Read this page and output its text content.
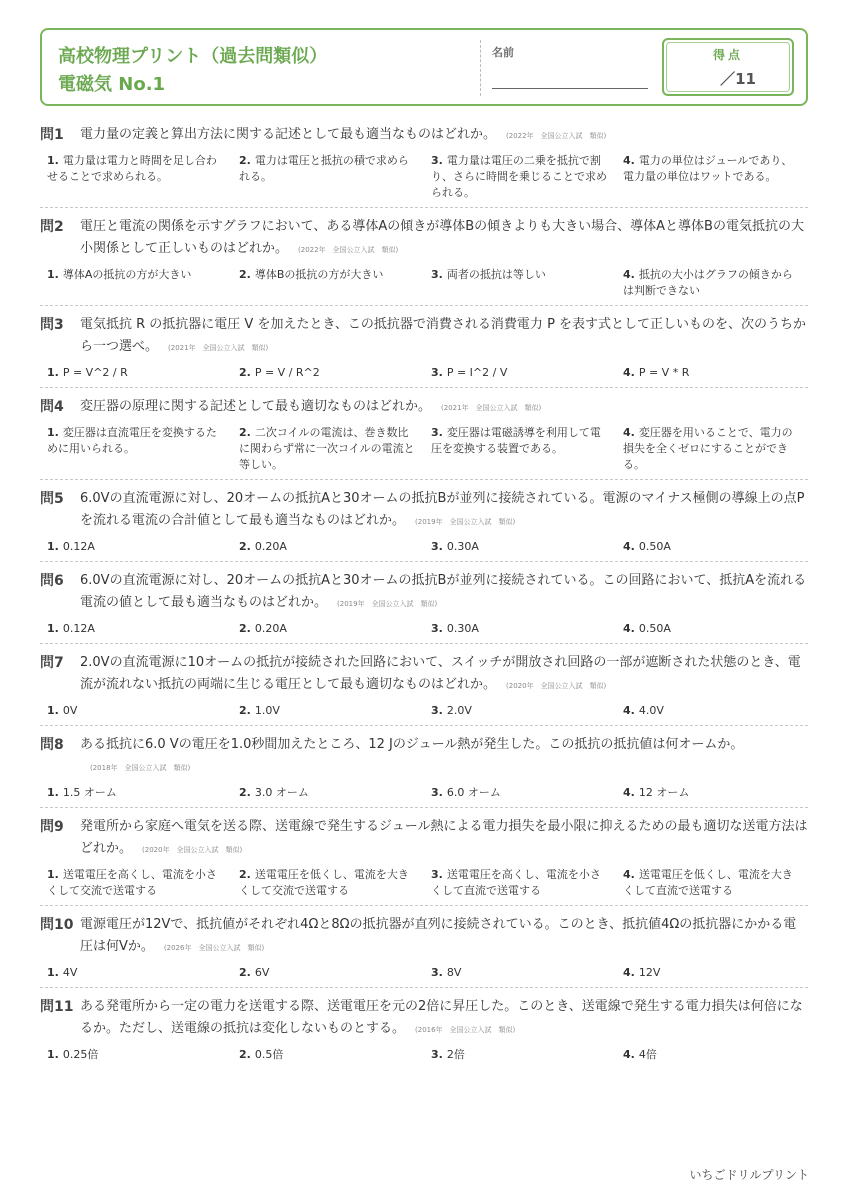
高校物理プリント（過去問類似）
電磁気 No.1
名前	得点
／11
問1	電力量の定義と算出方法に関する記述として最も適当なものはどれか。 (2022年　全国公立入試　類似)
1. 電力量は電力と時間を足し合わせることで求められる。
2. 電力は電圧と抵抗の積で求められる。
3. 電力量は電圧の二乗を抵抗で割り、さらに時間を乗じることで求められる。
4. 電力の単位はジュールであり、電力量の単位はワットである。
問2	電圧と電流の関係を示すグラフにおいて、ある導体Aの傾きが導体Bの傾きよりも大きい場合、導体Aと導体Bの電気抵抗の大小関係として正しいものはどれか。 (2022年　全国公立入試　類似)
1. 導体Aの抵抗の方が大きい	2. 導体Bの抵抗の方が大きい	3. 両者の抵抗は等しい	4. 抵抗の大小はグラフの傾きからは判断できない
問3	電気抵抗 R の抵抗器に電圧 V を加えたとき、この抵抗器で消費される消費電力 P を表す式として正しいものを、次のうちから一つ選べ。 (2021年　全国公立入試　類似)
1. P = V^2 / R	2. P = V / R^2	3. P = I^2 / V	4. P = V * R
問4	変圧器の原理に関する記述として最も適切なものはどれか。 (2021年　全国公立入試　類似)
1. 変圧器は直流電圧を変換するために用いられる。
2. 二次コイルの電流は、巻き数比に関わらず常に一次コイルの電流と等しい。
3. 変圧器は電磁誘導を利用して電圧を変換する装置である。
4. 変圧器を用いることで、電力の損失を全くゼロにすることができる。
問5	6.0Vの直流電源に対し、20オームの抵抗Aと30オームの抵抗Bが並列に接続されている。電源のマイナス極側の導線上の点Pを流れる電流の合計値として最も適当なものはどれか。 (2019年　全国公立入試　類似)
1. 0.12A	2. 0.20A	3. 0.30A	4. 0.50A
問6	6.0Vの直流電源に対し、20オームの抵抗Aと30オームの抵抗Bが並列に接続されている。この回路において、抵抗Aを流れる電流の値として最も適当なものはどれか。 (2019年　全国公立入試　類似)
1. 0.12A	2. 0.20A	3. 0.30A	4. 0.50A
問7	2.0Vの直流電源に10オームの抵抗が接続された回路において、スイッチが開放され回路の一部が遮断された状態のとき、電流が流れない抵抗の両端に生じる電圧として最も適切なものはどれか。 (2020年　全国公立入試　類似)
1. 0V	2. 1.0V	3. 2.0V	4. 4.0V
問8	ある抵抗に6.0 Vの電圧を1.0秒間加えたところ、12 Jのジュール熱が発生した。この抵抗の抵抗値は何オームか。(2018年　全国公立入試　類似)
1. 1.5 オーム	2. 3.0 オーム	3. 6.0 オーム	4. 12 オーム
問9	発電所から家庭へ電気を送る際、送電線で発生するジュール熱による電力損失を最小限に抑えるための最も適切な送電方法はどれか。 (2020年　全国公立入試　類似)
1. 送電電圧を高くし、電流を小さくして交流で送電する
2. 送電電圧を低くし、電流を大きくして交流で送電する
3. 送電電圧を高くし、電流を小さくして直流で送電する
4. 送電電圧を低くし、電流を大きくして直流で送電する
問10 電源電圧が12Vで、抵抗値がそれぞれ4Ωと8Ωの抵抗器が直列に接続されている。このとき、抵抗値4Ωの抵抗器にかかる電圧は何Vか。 (2026年　全国公立入試　類似)
1. 4V	2. 6V	3. 8V	4. 12V
問11 ある発電所から一定の電力を送電する際、送電電圧を元の2倍に昇圧した。このとき、送電線で発生する電力損失は何倍になるか。ただし、送電線の抵抗は変化しないものとする。 (2016年　全国公立入試　類似)
1. 0.25倍	2. 0.5倍	3. 2倍	4. 4倍
いちごドリルプリント
